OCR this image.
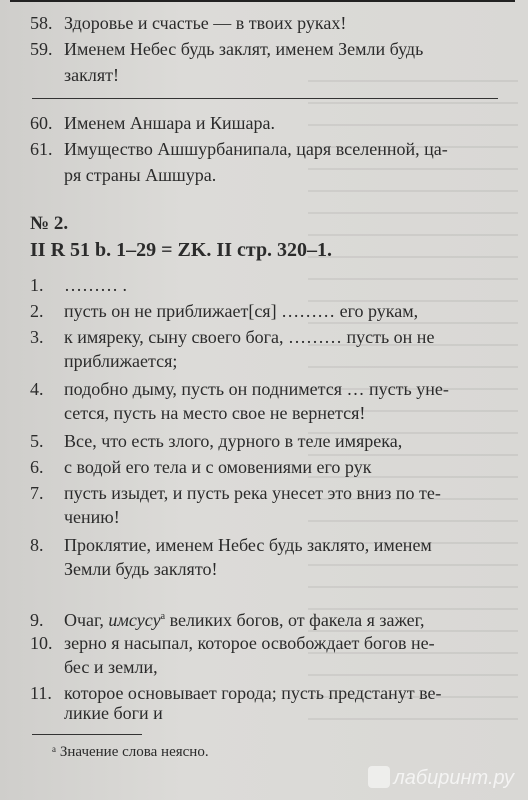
58. Здоровье и счастье — в твоих руках!
59. Именем Небес будь заклят, именем Земли будь
заклят!
60. Именем Аншара и Кишара.
61. Имущество Ашшурбанипала, царя вселенной, ца-
ря страны Ашшура.
№ 2.
II R 51 b. 1–29 = ZK. II стр. 320–1.
1. ……… .
2. пусть он не приближает[ся] ……… его рукам,
3. к имяреку, сыну своего бога, ……… пусть он не
приближается;
4. подобно дыму, пусть он поднимется … пусть уне-
сется, пусть на место свое не вернется!
5. Все, что есть злого, дурного в теле имярека,
6. с водой его тела и с омовениями его рук
7. пусть изыдет, и пусть река унесет это вниз по те-
чению!
8. Проклятие, именем Небес будь заклято, именем
Земли будь заклято!
9. Очаг, имсусу$^а$ великих богов, от факела я зажег,
10. зерно я насыпал, которое освобождает богов не-
бес и земли,
11. которое основывает города; пусть предстанут ве-
ликие боги и
ᵃ Значение слова неясно.
лабиринт.ру
